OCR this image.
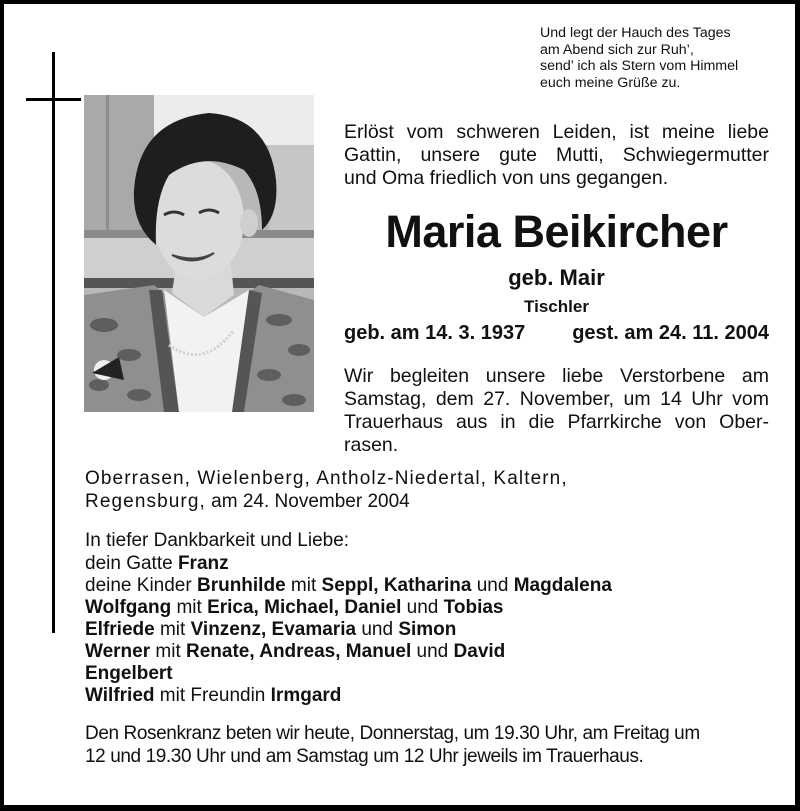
Und legt der Hauch des Tages
am Abend sich zur Ruh’,
send’ ich als Stern vom Himmel
euch meine Grüße zu.
Erlöst vom schweren Leiden, ist meine liebe
Gattin, unsere gute Mutti, Schwiegermutter
und Oma friedlich von uns gegangen.
Maria Beikircher
geb. Mair
Tischler
geb. am 14. 3. 1937 gest. am 24. 11. 2004
Wir begleiten unsere liebe Verstorbene am
Samstag, dem 27. November, um 14 Uhr vom
Trauerhaus aus in die Pfarrkirche von Ober-
rasen.
Oberrasen, Wielenberg, Antholz-Niedertal, Kaltern,
Regensburg, am 24. November 2004
In tiefer Dankbarkeit und Liebe:
dein Gatte Franz
deine Kinder Brunhilde mit Seppl, Katharina und Magdalena
Wolfgang mit Erica, Michael, Daniel und Tobias
Elfriede mit Vinzenz, Evamaria und Simon
Werner mit Renate, Andreas, Manuel und David
Engelbert
Wilfried mit Freundin Irmgard
Den Rosenkranz beten wir heute, Donnerstag, um 19.30 Uhr, am Freitag um
12 und 19.30 Uhr und am Samstag um 12 Uhr jeweils im Trauerhaus.
